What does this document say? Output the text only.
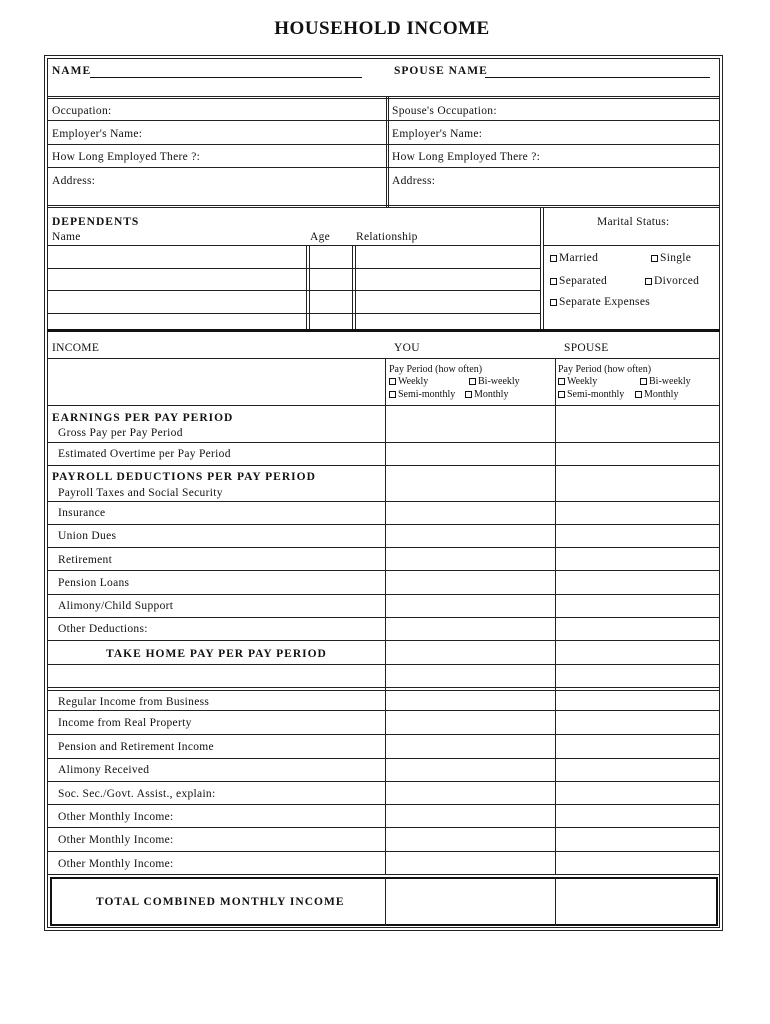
HOUSEHOLD INCOME
NAME	SPOUSE NAME
Occupation:
Employer's Name:
How Long Employed There ?:
Address:
Spouse's Occupation:
Employer's Name:
How Long Employed There ?:
Address:
DEPENDENTS
Name	Age Relationship
Marital Status:
Married	Single
Separated	Divorced
Separate Expenses
INCOME	YOU	SPOUSE
Pay Period (how often)
Weekly	Bi-weekly
Semi-monthly	Monthly
Pay Period (how often)
Weekly	Bi-weekly
Semi-monthly	Monthly
EARNINGS PER PAY PERIOD
Gross Pay per Pay Period
Estimated Overtime per Pay Period
PAYROLL DEDUCTIONS PER PAY PERIOD
Payroll Taxes and Social Security
Insurance
Union Dues
Retirement
Pension Loans
Alimony/Child Support
Other Deductions:
TAKE HOME PAY PER PAY PERIOD
Regular Income from Business
Income from Real Property
Pension and Retirement Income
Alimony Received
Soc. Sec./Govt. Assist., explain:
Other Monthly Income:
Other Monthly Income:
Other Monthly Income:
TOTAL COMBINED MONTHLY INCOME
